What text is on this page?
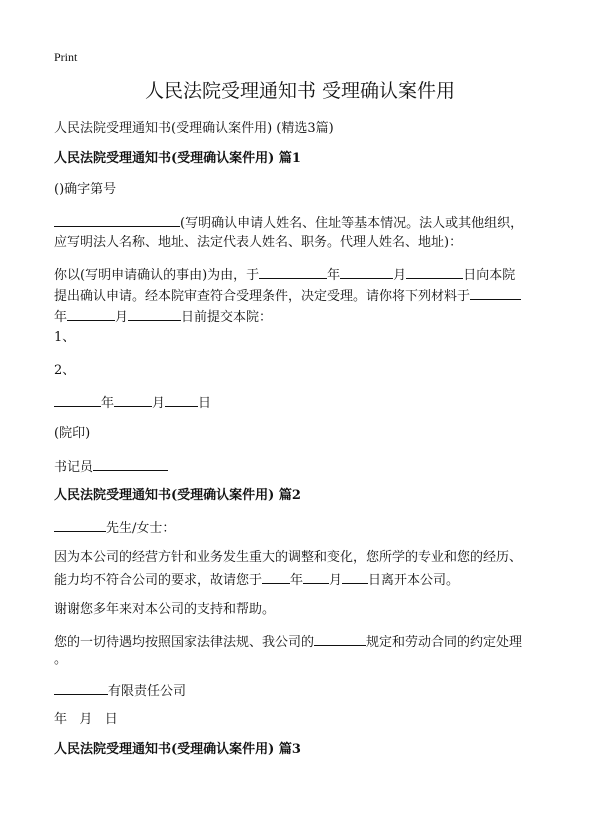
Print
人民法院受理通知书 受理确认案件用
人民法院受理通知书(受理确认案件用) (精选3篇)
人民法院受理通知书(受理确认案件用) 篇1
()确字第号
(写明确认申请人姓名、住址等基本情况。法人或其他组织，
应写明法人名称、地址、法定代表人姓名、职务。代理人姓名、地址)：
你以(写明申请确认的事由)为由，于	年	月	日向本院
提出确认申请。经本院审查符合受理条件，决定受理。请你将下列材料于
年	月	日前提交本院：
1、
2、
年	月	日
(院印)
书记员
人民法院受理通知书(受理确认案件用) 篇2
先生/女士：
因为本公司的经营方针和业务发生重大的调整和变化，您所学的专业和您的经历、
能力均不符合公司的要求，故请您于 年 月 日离开本公司。
谢谢您多年来对本公司的支持和帮助。
您的一切待遇均按照国家法律法规、我公司的	规定和劳动合同的约定处理
。
有限责任公司
年   月   日
人民法院受理通知书(受理确认案件用) 篇3
